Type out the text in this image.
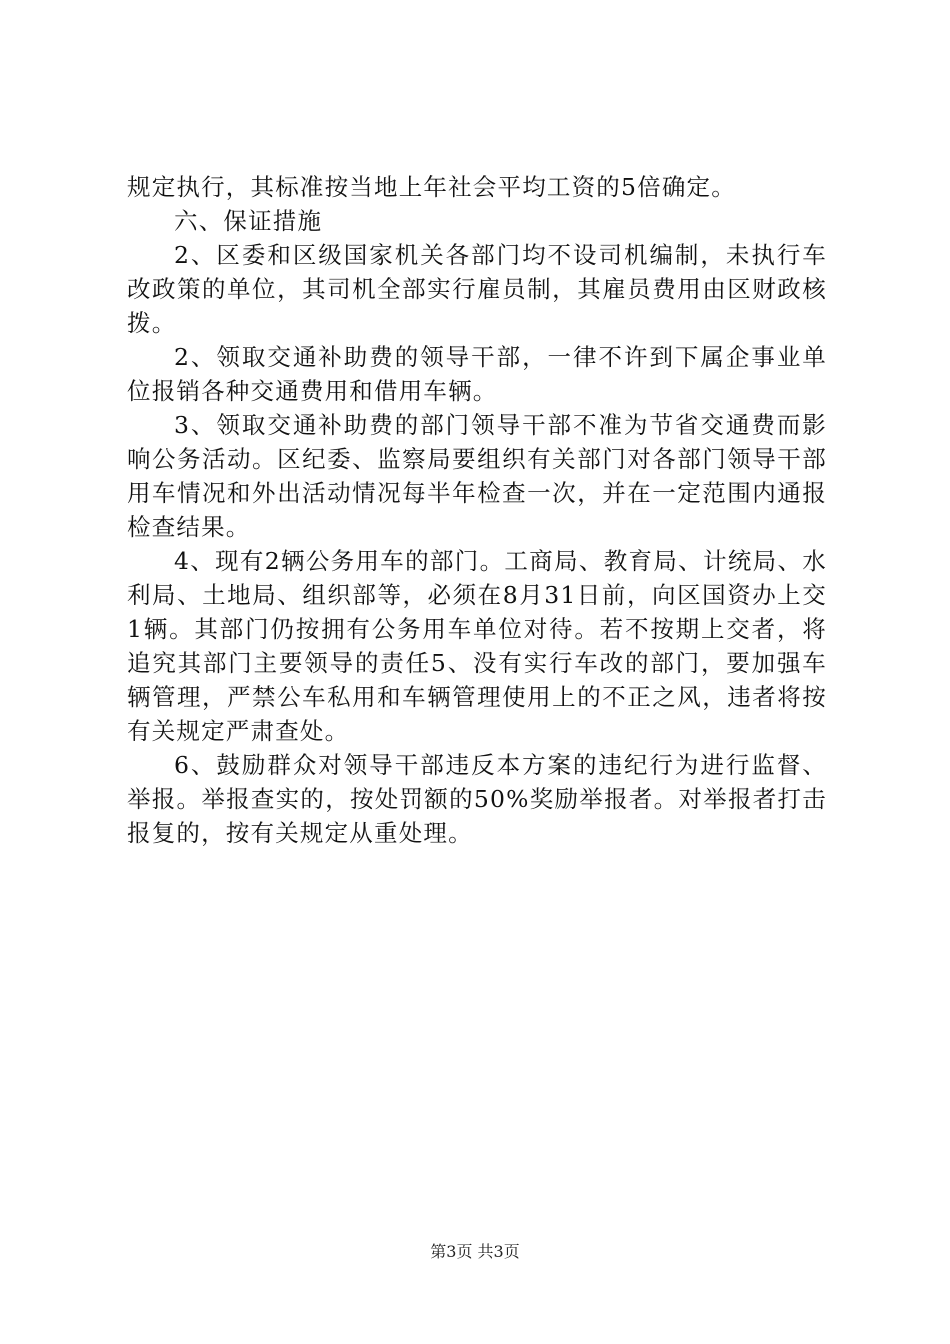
规定执行，其标准按当地上年社会平均工资的5倍确定。

六、保证措施

2、区委和区级国家机关各部门均不设司机编制，未执行车改政策的单位，其司机全部实行雇员制，其雇员费用由区财政核拨。

2、领取交通补助费的领导干部，一律不许到下属企事业单位报销各种交通费用和借用车辆。

3、领取交通补助费的部门领导干部不准为节省交通费而影响公务活动。区纪委、监察局要组织有关部门对各部门领导干部用车情况和外出活动情况每半年检查一次，并在一定范围内通报检查结果。

4、现有2辆公务用车的部门。工商局、教育局、计统局、水利局、土地局、组织部等，必须在8月31日前，向区国资办上交1辆。其部门仍按拥有公务用车单位对待。若不按期上交者，将追究其部门主要领导的责任5、没有实行车改的部门，要加强车辆管理，严禁公车私用和车辆管理使用上的不正之风，违者将按有关规定严肃查处。

6、鼓励群众对领导干部违反本方案的违纪行为进行监督、举报。举报查实的，按处罚额的50%奖励举报者。对举报者打击报复的，按有关规定从重处理。

第3页 共3页
